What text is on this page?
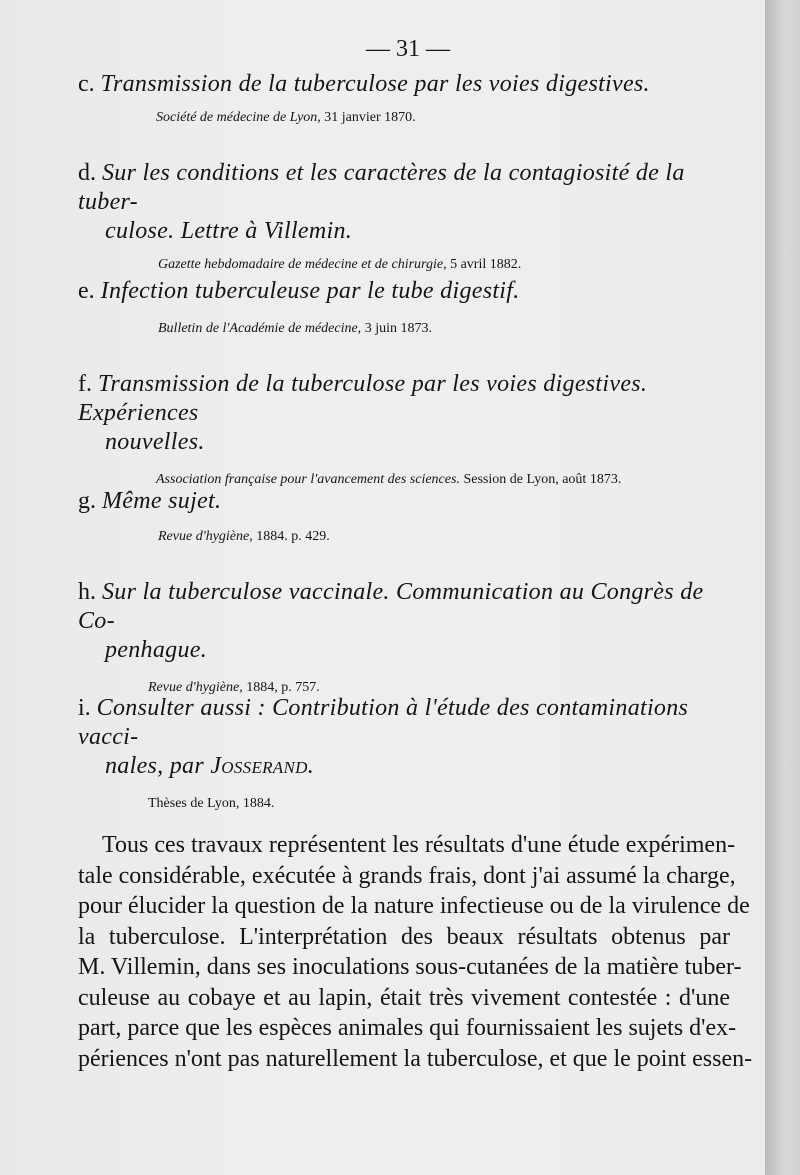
— 31 —
c. Transmission de la tuberculose par les voies digestives.
Société de médecine de Lyon, 31 janvier 1870.
d. Sur les conditions et les caractères de la contagiosité de la tuber-
culose. Lettre à Villemin.
Gazette hebdomadaire de médecine et de chirurgie, 5 avril 1882.
e. Infection tuberculeuse par le tube digestif.
Bulletin de l'Académie de médecine, 3 juin 1873.
f. Transmission de la tuberculose par les voies digestives. Expériences
nouvelles.
Association française pour l'avancement des sciences. Session de Lyon, août 1873.
g. Même sujet.
Revue d'hygiène, 1884. p. 429.
h. Sur la tuberculose vaccinale. Communication au Congrès de Co-
penhague.
Revue d'hygiène, 1884, p. 757.
i. Consulter aussi : Contribution à l'étude des contaminations vacci-
nales, par Josserand.
Thèses de Lyon, 1884.
Tous ces travaux représentent les résultats d'une étude expérimen-
tale considérable, exécutée à grands frais, dont j'ai assumé la charge,
pour élucider la question de la nature infectieuse ou de la virulence de
la tuberculose. L'interprétation des beaux résultats obtenus par
M. Villemin, dans ses inoculations sous-cutanées de la matière tuber-
culeuse au cobaye et au lapin, était très vivement contestée : d'une
part, parce que les espèces animales qui fournissaient les sujets d'ex-
périences n'ont pas naturellement la tuberculose, et que le point essen-
